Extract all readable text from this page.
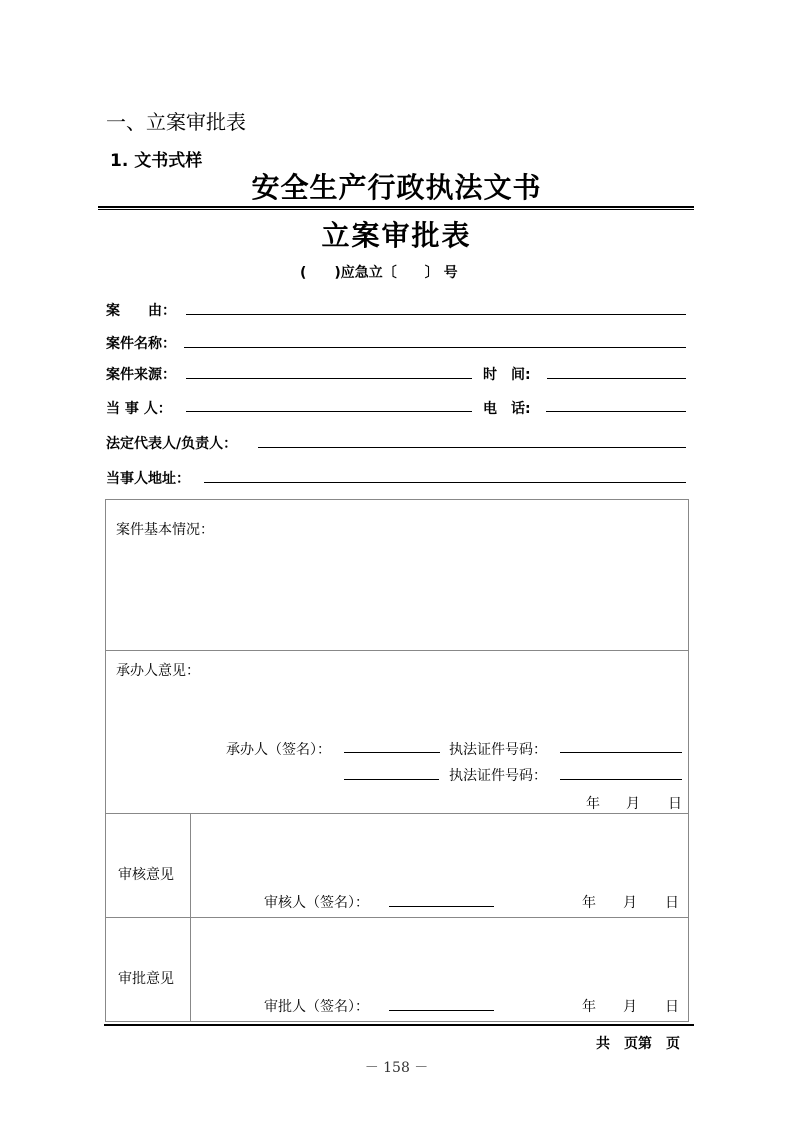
一、立案审批表
1. 文书式样
安全生产行政执法文书
立案审批表
(　　)应急立〔　　〕 号
案　　由：
案件名称：
案件来源：	时　间:
当 事 人：	电　话:
法定代表人/负责人：
当事人地址：
案件基本情况：
承办人意见：
承办人（签名）：	执法证件号码：
执法证件号码：
年 月 日
审核意见
审核人（签名）：	年 月 日
审批意见
审批人（签名）：	年 月 日
共　页第　页
－ 158 －
